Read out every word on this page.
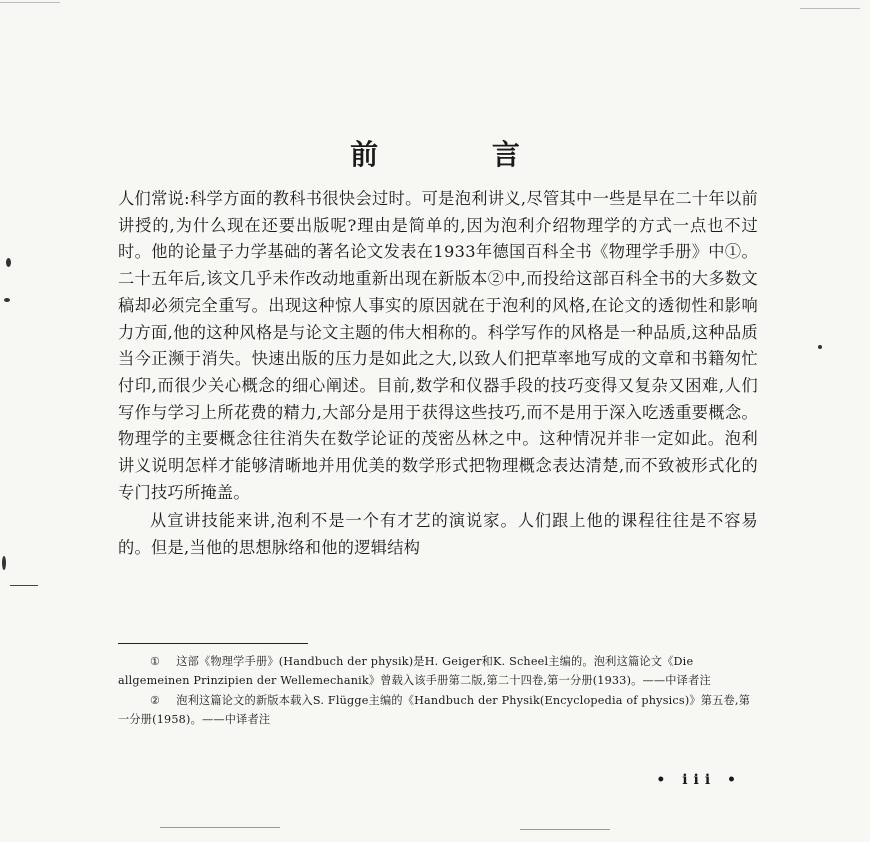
前 言

人们常说:科学方面的教科书很快会过时。可是泡利讲义,尽管其中一些是早在二十年以前讲授的,为什么现在还要出版呢?理由是简单的,因为泡利介绍物理学的方式一点也不过时。他的论量子力学基础的著名论文发表在1933年德国百科全书《物理学手册》中①。二十五年后,该文几乎未作改动地重新出现在新版本②中,而投给这部百科全书的大多数文稿却必须完全重写。出现这种惊人事实的原因就在于泡利的风格,在论文的透彻性和影响力方面,他的这种风格是与论文主题的伟大相称的。科学写作的风格是一种品质,这种品质当今正濒于消失。快速出版的压力是如此之大,以致人们把草率地写成的文章和书籍匆忙付印,而很少关心概念的细心阐述。目前,数学和仪器手段的技巧变得又复杂又困难,人们写作与学习上所花费的精力,大部分是用于获得这些技巧,而不是用于深入吃透重要概念。物理学的主要概念往往消失在数学论证的茂密丛林之中。这种情况并非一定如此。泡利讲义说明怎样才能够清晰地并用优美的数学形式把物理概念表达清楚,而不致被形式化的专门技巧所掩盖。

从宣讲技能来讲,泡利不是一个有才艺的演说家。人们跟上他的课程往往是不容易的。但是,当他的思想脉络和他的逻辑结构

① 这部《物理学手册》(Handbuch der physik)是H. Geiger和K. Scheel主编的。泡利这篇论文《Die allgemeinen Prinzipien der Wellemechanik》曾载入该手册第二版,第二十四卷,第一分册(1933)。——中译者注

② 泡利这篇论文的新版本载入S. Flügge主编的《Handbuch der Physik(Encyclopedia of physics)》第五卷,第一分册(1958)。——中译者注

• iii •
